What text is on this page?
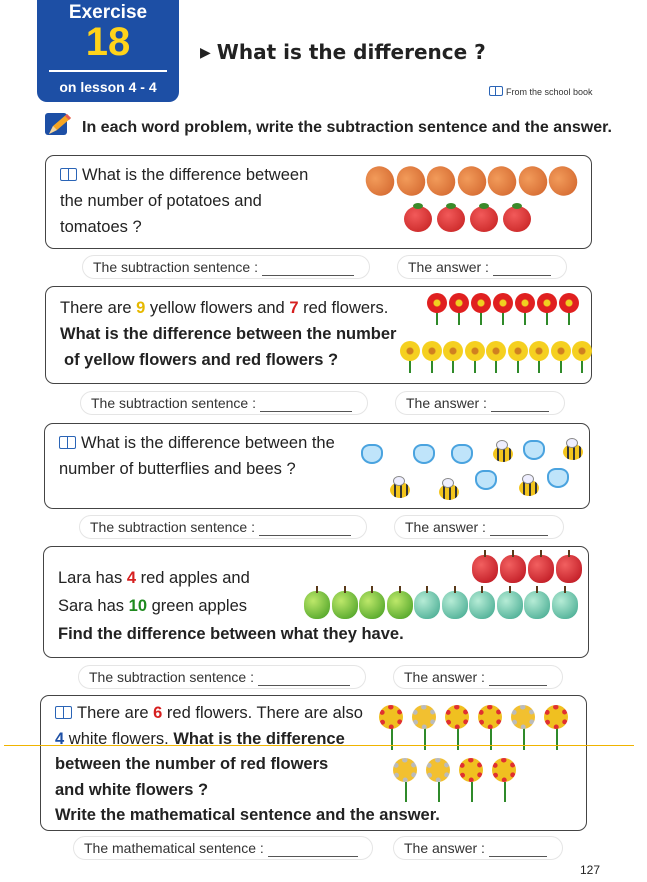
Exercise
18
on lesson 4 - 4
▶ What is the difference ?
From the school book
In each word problem, write the subtraction sentence and the answer.
What is the difference between
the number of potatoes and
tomatoes ?
The subtraction sentence :	The answer :
There are 9 yellow flowers and 7 red flowers.
What is the difference between the number
of yellow flowers and red flowers ?
The subtraction sentence :	The answer :
What is the difference between the
number of butterflies and bees ?
The subtraction sentence :	The answer :
Lara has 4 red apples and
Sara has 10 green apples
Find the difference between what they have.
The subtraction sentence :	The answer :
There are 6 red flowers. There are also
4 white flowers. What is the difference
between the number of red flowers
and white flowers ?
Write the mathematical sentence and the answer.
The mathematical sentence :	The answer :
127
